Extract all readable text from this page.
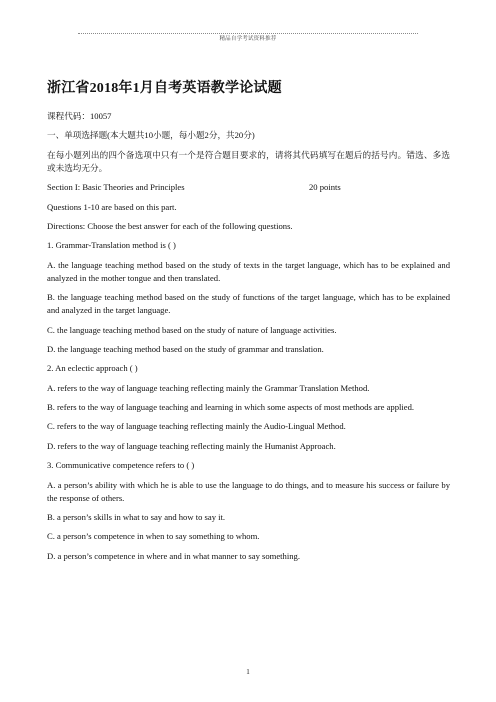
精品自学考试资料推荐
浙江省2018年1月自考英语教学论试题

课程代码：10057

一、单项选择题(本大题共10小题，每小题2分，共20分)

在每小题列出的四个备选项中只有一个是符合题目要求的，请将其代码填写在题后的括号内。错选、多选或未选均无分。

Section I: Basic Theories and Principles	20 points

Questions 1-10 are based on this part.

Directions: Choose the best answer for each of the following questions.

1. Grammar-Translation method is ( )

A. the language teaching method based on the study of texts in the target language, which has to be explained and analyzed in the mother tongue and then translated.

B. the language teaching method based on the study of functions of the target language, which has to be explained and analyzed in the target language.

C. the language teaching method based on the study of nature of language activities.

D. the language teaching method based on the study of grammar and translation.

2. An eclectic approach ( )

A. refers to the way of language teaching reflecting mainly the Grammar Translation Method.

B. refers to the way of language teaching and learning in which some aspects of most methods are applied.

C. refers to the way of language teaching reflecting mainly the Audio-Lingual Method.

D. refers to the way of language teaching reflecting mainly the Humanist Approach.

3. Communicative competence refers to ( )

A. a person’s ability with which he is able to use the language to do things, and to measure his success or failure by the response of others.

B. a person’s skills in what to say and how to say it.

C. a person’s competence in when to say something to whom.

D. a person’s competence in where and in what manner to say something.

1
